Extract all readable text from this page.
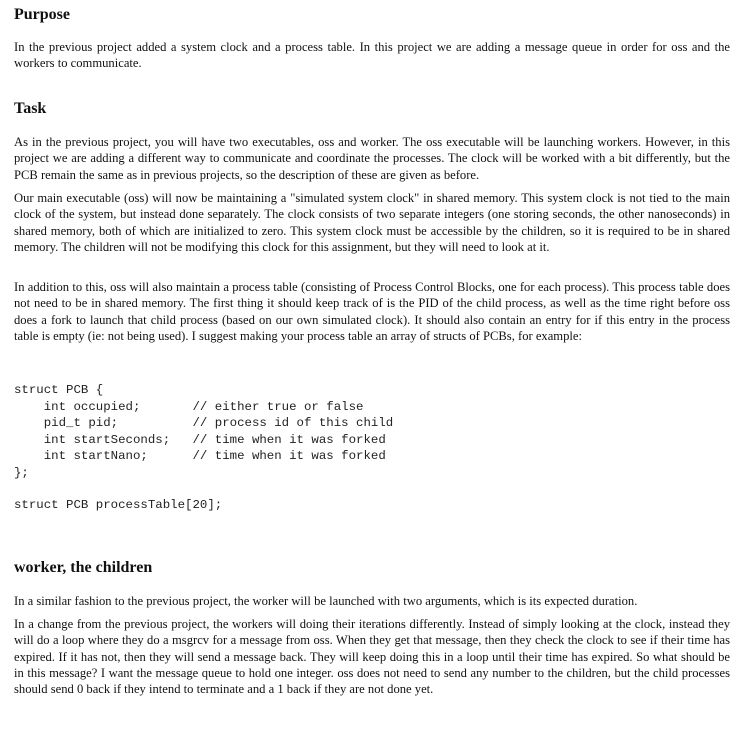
Purpose

In the previous project added a system clock and a process table. In this project we are adding a message queue in order for oss and the workers to communicate.

Task

As in the previous project, you will have two executables, oss and worker. The oss executable will be launching workers. However, in this project we are adding a different way to communicate and coordinate the processes. The clock will be worked with a bit differently, but the PCB remain the same as in previous projects, so the description of these are given as before.

Our main executable (oss) will now be maintaining a "simulated system clock" in shared memory. This system clock is not tied to the main clock of the system, but instead done separately. The clock consists of two separate integers (one storing seconds, the other nanoseconds) in shared memory, both of which are initialized to zero. This system clock must be accessible by the children, so it is required to be in shared memory. The children will not be modifying this clock for this assignment, but they will need to look at it.

In addition to this, oss will also maintain a process table (consisting of Process Control Blocks, one for each process). This process table does not need to be in shared memory. The first thing it should keep track of is the PID of the child process, as well as the time right before oss does a fork to launch that child process (based on our own simulated clock). It should also contain an entry for if this entry in the process table is empty (ie: not being used). I suggest making your process table an array of structs of PCBs, for example:

struct PCB {
int occupied;       // either true or false
pid_t pid;          // process id of this child
int startSeconds;   // time when it was forked
int startNano;      // time when it was forked
};
struct PCB processTable[20];
worker, the children

In a similar fashion to the previous project, the worker will be launched with two arguments, which is its expected duration.

In a change from the previous project, the workers will doing their iterations differently. Instead of simply looking at the clock, instead they will do a loop where they do a msgrcv for a message from oss. When they get that message, then they check the clock to see if their time has expired. If it has not, then they will send a message back. They will keep doing this in a loop until their time has expired. So what should be in this message? I want the message queue to hold one integer. oss does not need to send any number to the children, but the child processes should send 0 back if they intend to terminate and a 1 back if they are not done yet.
